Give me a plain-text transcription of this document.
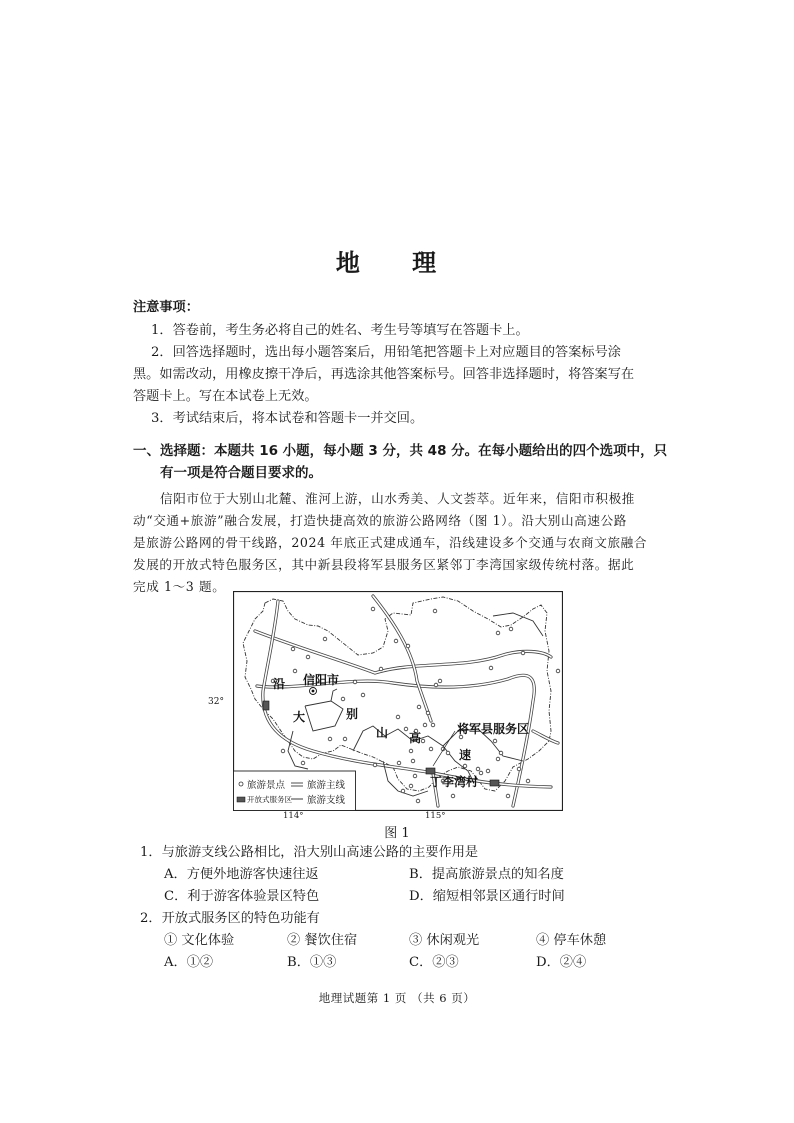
地 理
注意事项：
1．答卷前，考生务必将自己的姓名、考生号等填写在答题卡上。
2．回答选择题时，选出每小题答案后，用铅笔把答题卡上对应题目的答案标号涂
黑。如需改动，用橡皮擦干净后，再选涂其他答案标号。回答非选择题时，将答案写在
答题卡上。写在本试卷上无效。
3．考试结束后，将本试卷和答题卡一并交回。
一、选择题：本题共 16 小题，每小题 3 分，共 48 分。在每小题给出的四个选项中，只
有一项是符合题目要求的。
信阳市位于大别山北麓、淮河上游，山水秀美、人文荟萃。近年来，信阳市积极推
动“交通+旅游”融合发展，打造快捷高效的旅游公路网络（图 1）。沿大别山高速公路
是旅游公路网的骨干线路，2024 年底正式建成通车，沿线建设多个交通与农商文旅融合
发展的开放式特色服务区，其中新县段将军县服务区紧邻丁李湾国家级传统村落。据此
完成 1～3 题。
32°
114°	115°
信阳市
沿
大	别
山 高
速
将军县服务区
丁李湾村
旅游景点 旅游主线
开放式服务区 旅游支线
图 1
1．与旅游支线公路相比，沿大别山高速公路的主要作用是
A．方便外地游客快速往返	B．提高旅游景点的知名度
C．利于游客体验景区特色	D．缩短相邻景区通行时间
2．开放式服务区的特色功能有
① 文化体验	② 餐饮住宿	③ 休闲观光	④ 停车休憩
A．①②	B．①③	C．②③	D．②④
地理试题第 1 页 （共 6 页）
